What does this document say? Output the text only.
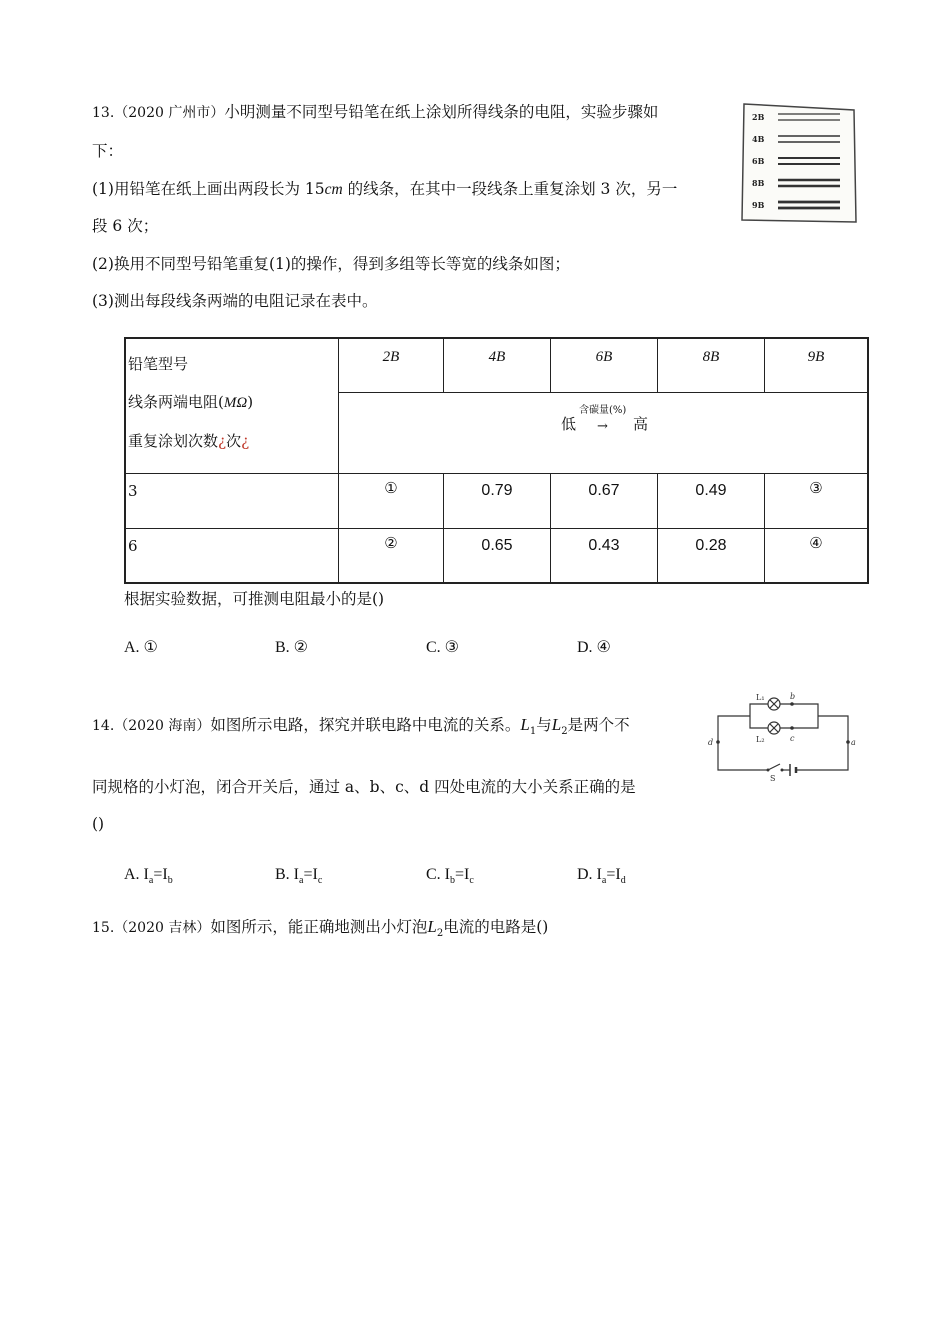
13.（2020 广州市）小明测量不同型号铅笔在纸上涂划所得线条的电阻，实验步骤如
下：
(1)用铅笔在纸上画出两段长为 15cm 的线条，在其中一段线条上重复涂划 3 次，另一
段 6 次；
(2)换用不同型号铅笔重复(1)的操作，得到多组等长等宽的线条如图；
(3)测出每段线条两端的电阻记录在表中。
2B
4B
6B
8B
9B
铅笔型号
线条两端电阻(MΩ)
重复涂划次数¿次¿	2B	4B	6B	8B	9B

	低
含碳量(%)
→ 高				

3	①	0.79	0.67	0.49	③
6	②	0.65	0.43	0.28	④
根据实验数据，可推测电阻最小的是()
A. ①	B. ②	C. ③	D. ④
14.（2020 海南）如图所示电路，探究并联电路中电流的关系。$L_1$与$L_2$是两个不
同规格的小灯泡，闭合开关后，通过 a、b、c、d 四处电流的大小关系正确的是
()
L₁
L₂
b
c
d	a
S
A. $I_a=I_b$	B. $I_a=I_c$	C. $I_b=I_c$	D. $I_a=I_d$
15.（2020 吉林）如图所示，能正确地测出小灯泡$L_2$电流的电路是()
